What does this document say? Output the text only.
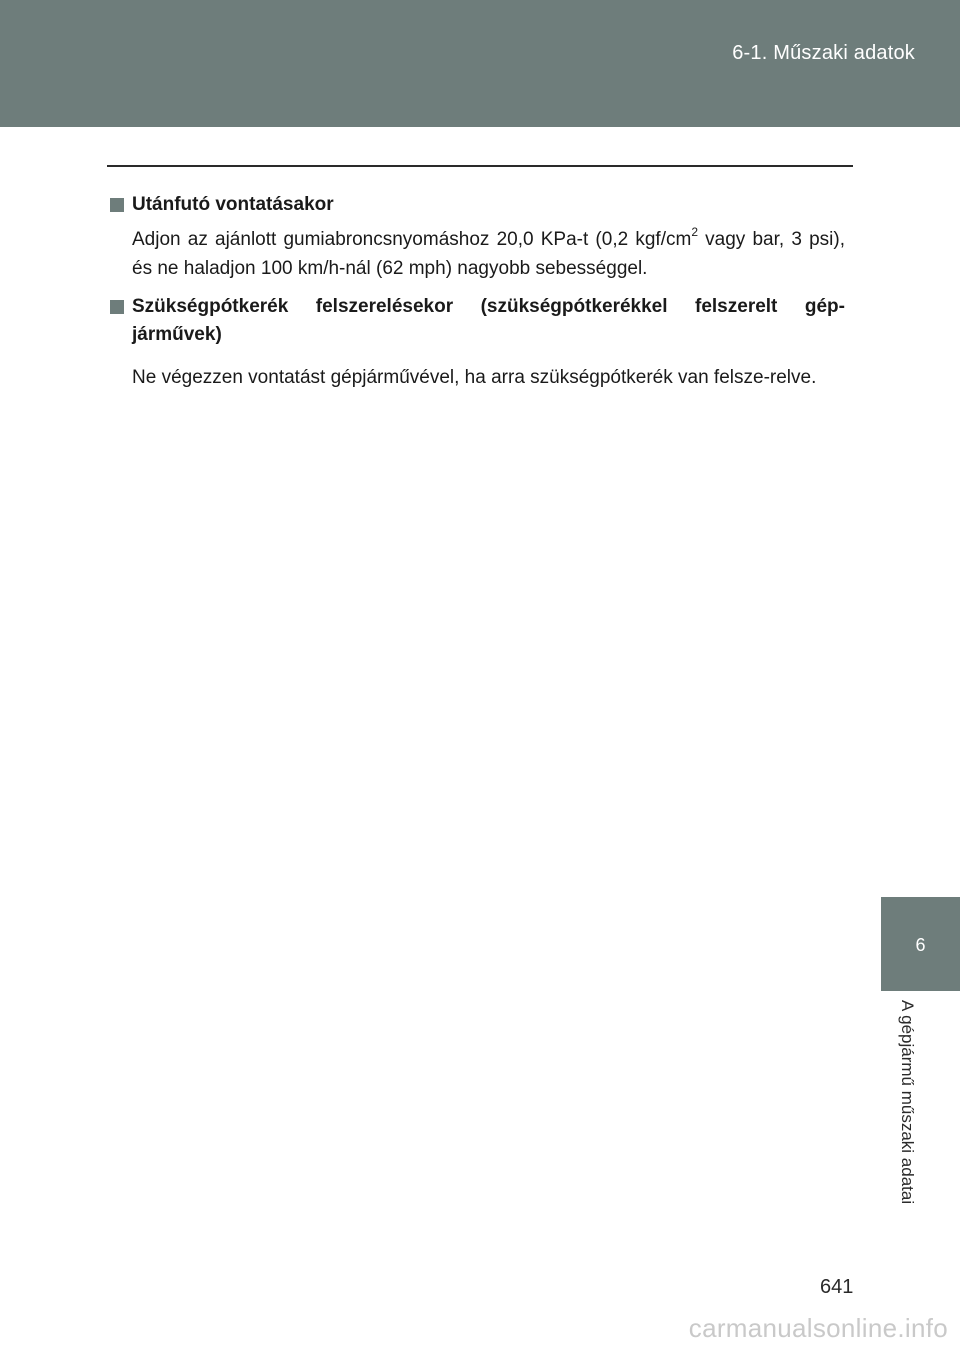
6-1. Műszaki adatok

Utánfutó vontatásakor

Adjon az ajánlott gumiabroncsnyomáshoz 20,0 KPa-t (0,2 kgf/$cm^2$ vagy bar, 3 psi), és ne haladjon 100 km/h-nál (62 mph) nagyobb sebességgel.

Szükségpótkerék felszerelésekor (szükségpótkerékkel felszerelt gép-járművek)

Ne végezzen vontatást gépjárművével, ha arra szükségpótkerék van felsze-relve.

6
A gépjármű műszaki adatai
641
carmanualsonline.info
